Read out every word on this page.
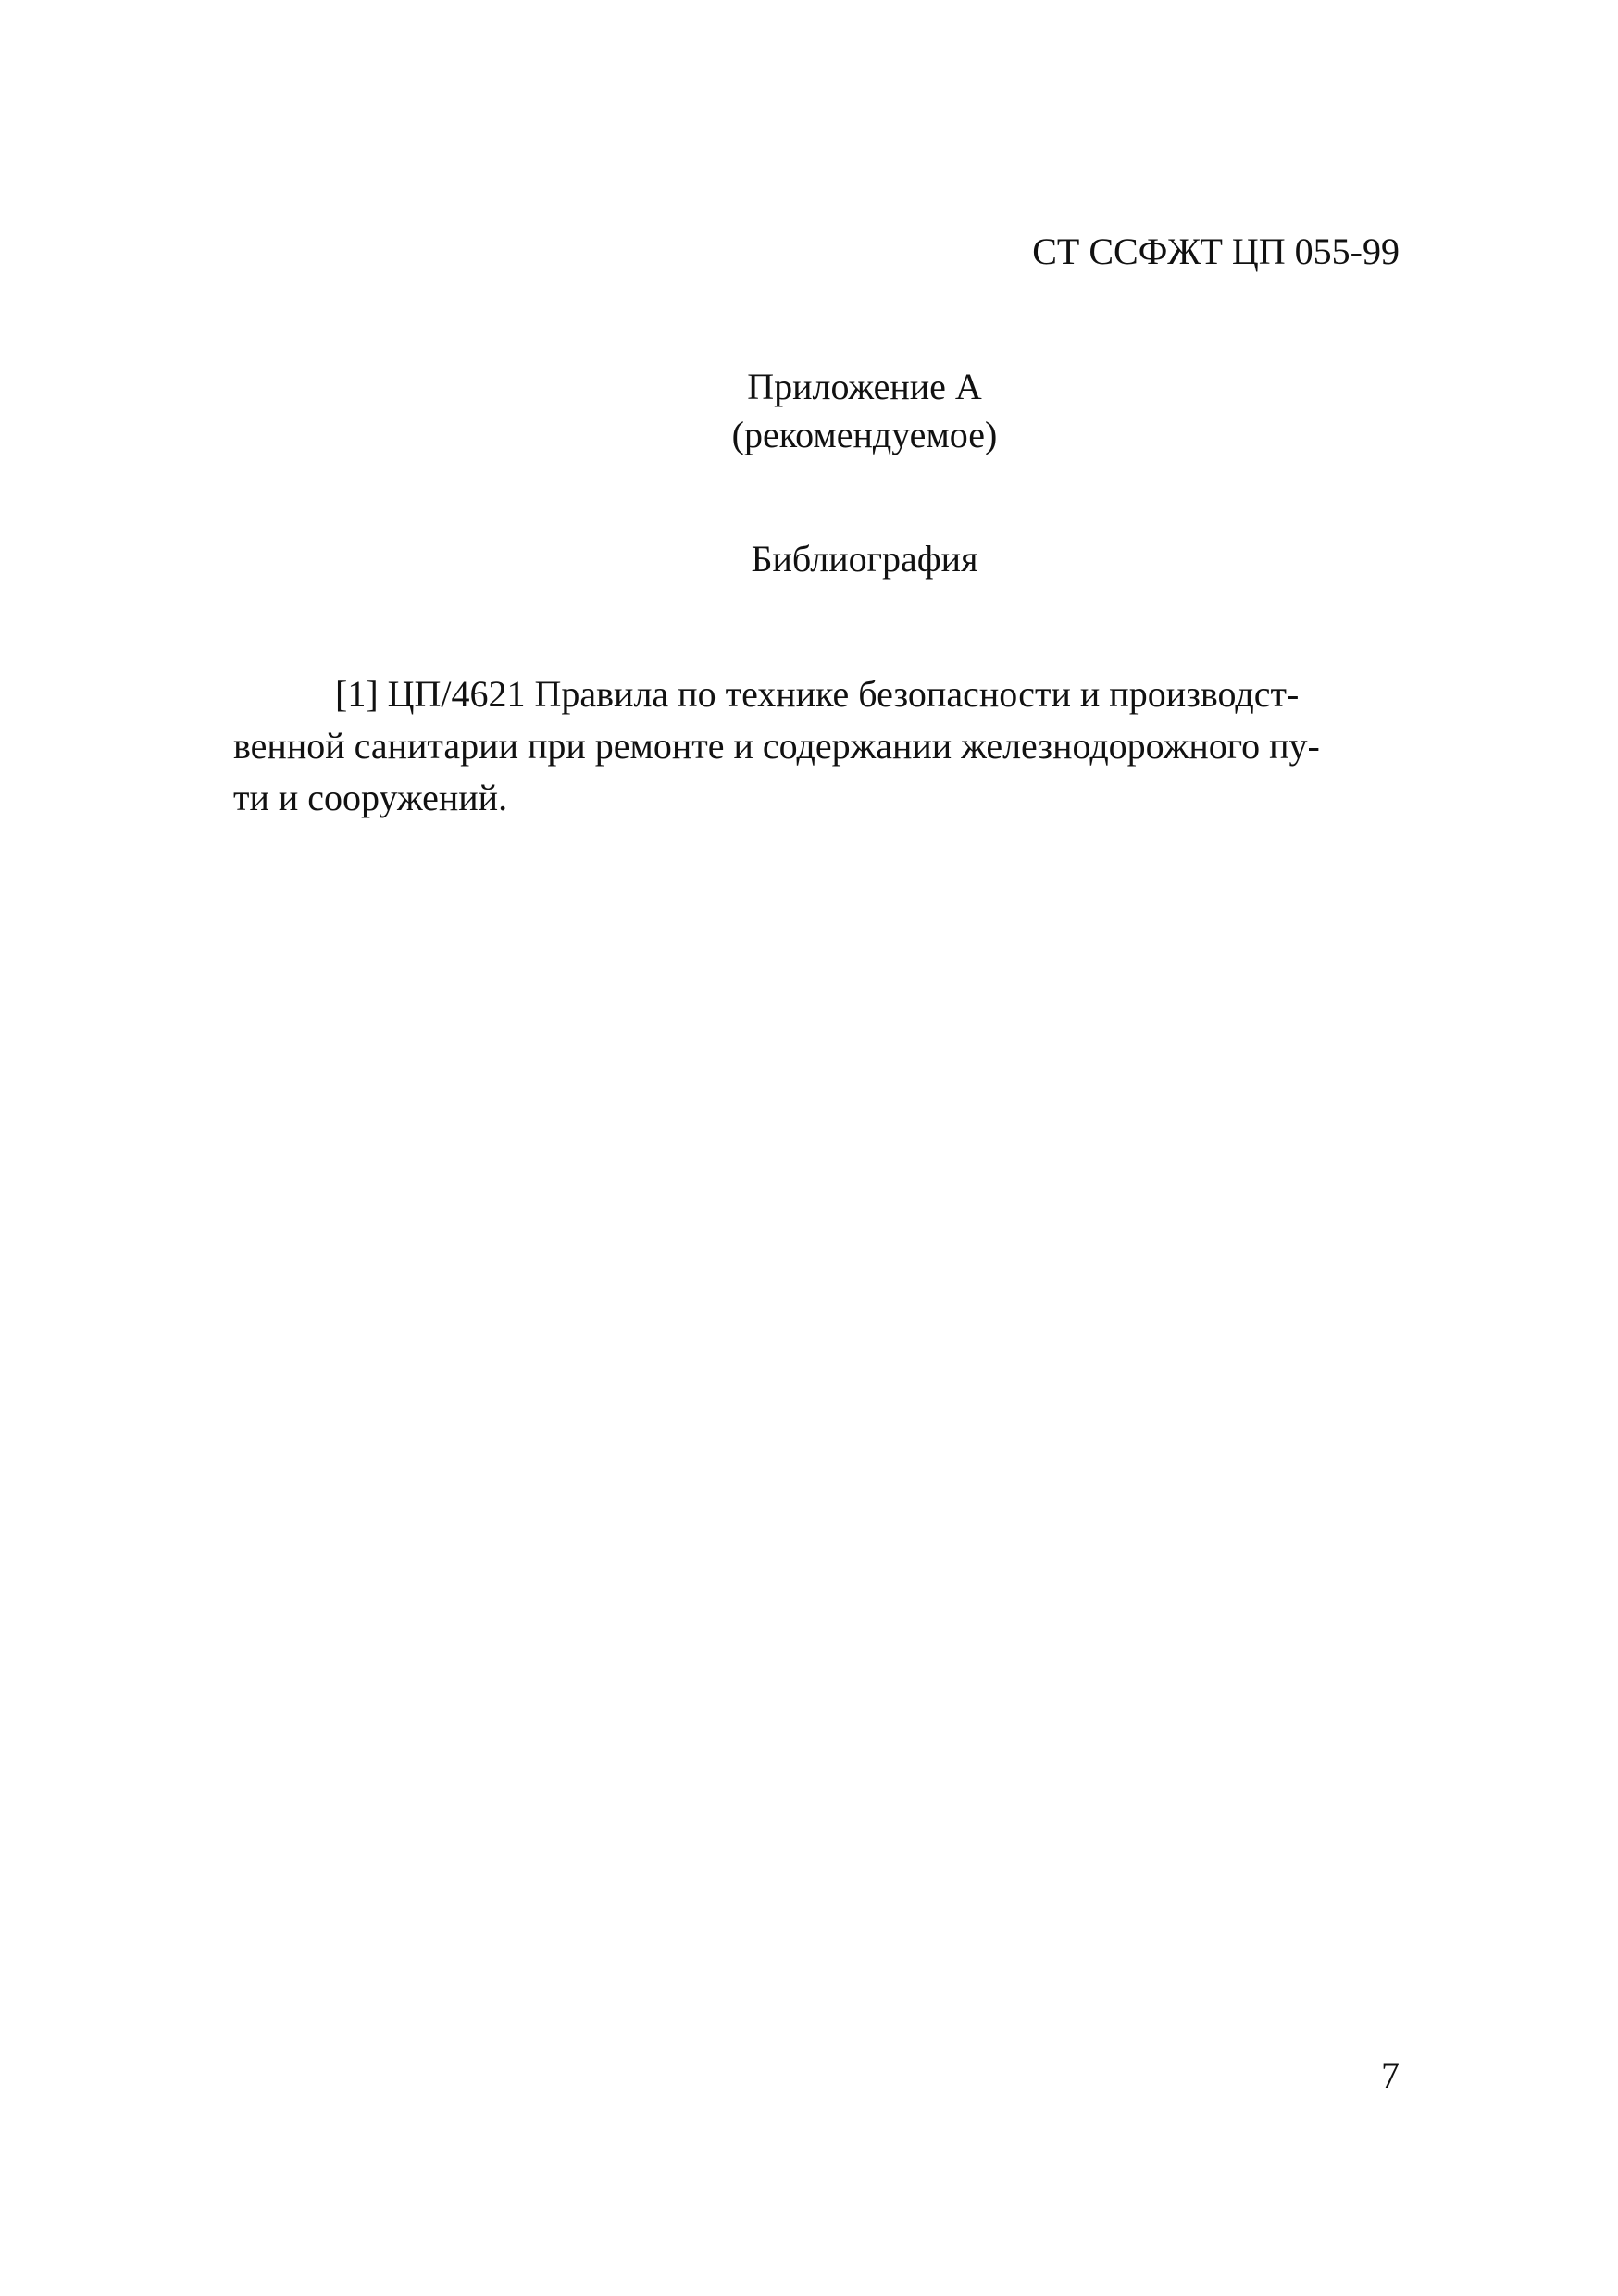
СТ ССФЖТ ЦП 055-99
Приложение А
(рекомендуемое)
Библиография
[1] ЦП/4621 Правила по технике безопасности и производст-
венной санитарии при ремонте и содержании железнодорожного пу-
ти и сооружений.
7
